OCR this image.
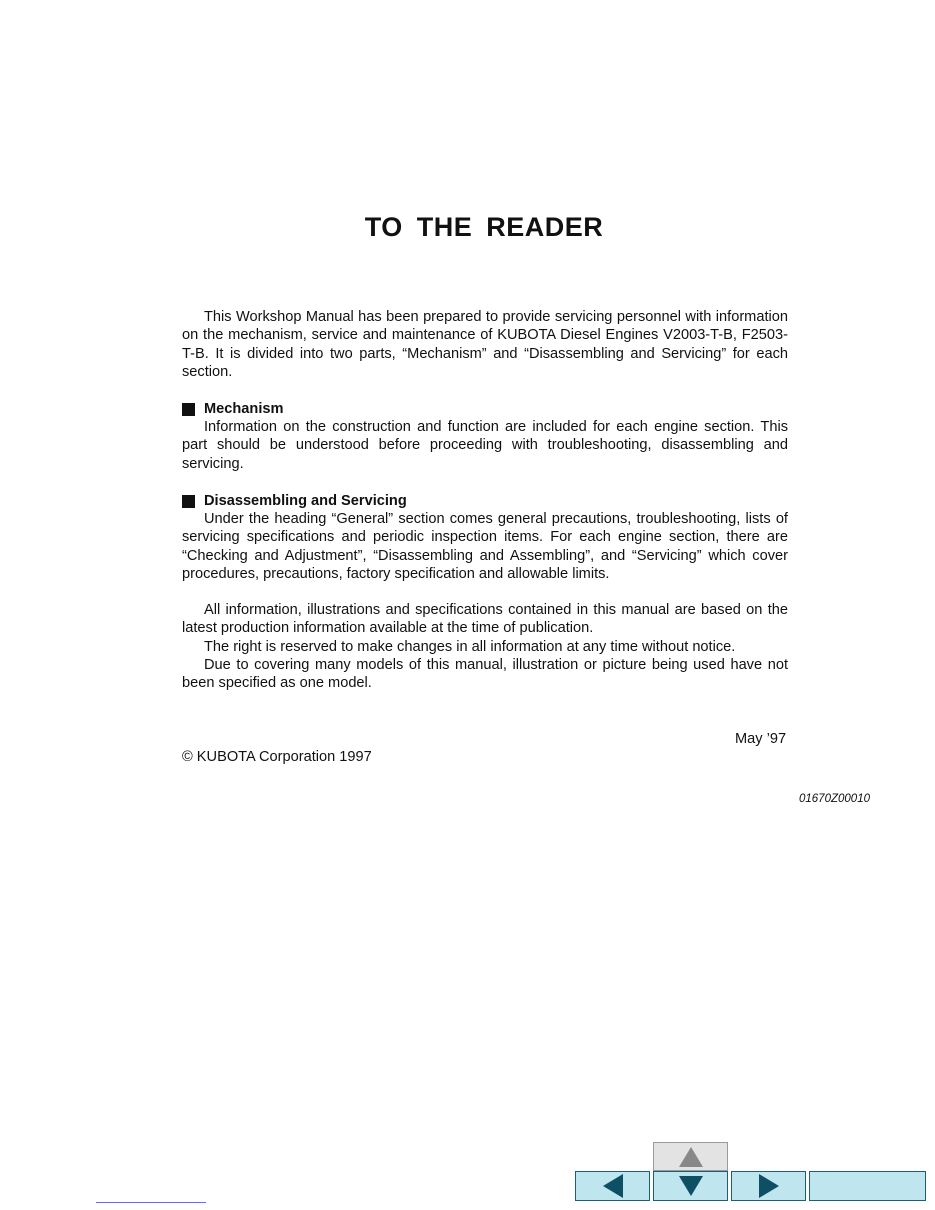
TO THE READER

This Workshop Manual has been prepared to provide servicing personnel with information on the mechanism, service and maintenance of KUBOTA Diesel Engines V2003-T-B, F2503-T-B. It is divided into two parts, “Mechanism” and “Disassembling and Servicing” for each section.

Mechanism

Information on the construction and function are included for each engine section. This part should be understood before proceeding with troubleshooting, disassembling and servicing.

Disassembling and Servicing

Under the heading “General” section comes general precautions, troubleshooting, lists of servicing specifications and periodic inspection items. For each engine section, there are “Checking and Adjustment”, “Disassembling and Assembling”, and “Servicing” which cover procedures, precautions, factory specification and allowable limits.

All information, illustrations and specifications contained in this manual are based on the latest production information available at the time of publication.

The right is reserved to make changes in all information at any time without notice.

Due to covering many models of this manual, illustration or picture being used have not been specified as one model.

May ’97
© KUBOTA Corporation 1997
01670Z00010
